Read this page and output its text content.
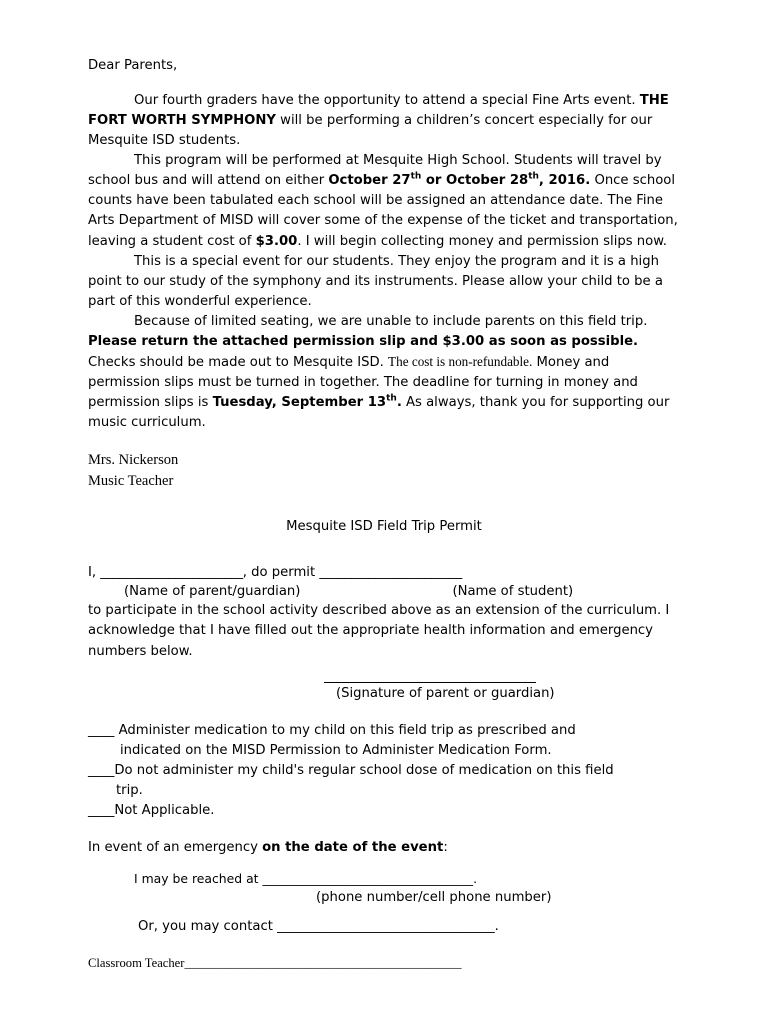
Dear Parents,

Our fourth graders have the opportunity to attend a special Fine Arts event. THE FORT WORTH SYMPHONY will be performing a children’s concert especially for our Mesquite ISD students.

This program will be performed at Mesquite High School. Students will travel by school bus and will attend on either October 27th or October 28th, 2016. Once school counts have been tabulated each school will be assigned an attendance date. The Fine Arts Department of MISD will cover some of the expense of the ticket and transportation, leaving a student cost of $3.00. I will begin collecting money and permission slips now.

This is a special event for our students. They enjoy the program and it is a high point to our study of the symphony and its instruments. Please allow your child to be a part of this wonderful experience.

Because of limited seating, we are unable to include parents on this field trip. Please return the attached permission slip and $3.00 as soon as possible.

Checks should be made out to Mesquite ISD. The cost is non-refundable. Money and permission slips must be turned in together. The deadline for turning in money and permission slips is Tuesday, September 13th. As always, thank you for supporting our music curriculum.

Mrs. Nickerson
Music Teacher

Mesquite ISD Field Trip Permit

I, _______________________, do permit _______________________
(Name of parent/guardian)	(Name of student)

to participate in the school activity described above as an extension of the curriculum. I acknowledge that I have filled out the appropriate health information and emergency numbers below.

(Signature of parent or guardian)
____ Administer medication to my child on this field trip as prescribed and
indicated on the MISD Permission to Administer Medication Form.
____Do not administer my child's regular school dose of medication on this field
trip.
____Not Applicable.
In event of an emergency on the date of the event:
I may be reached at __________________________________.
(phone number/cell phone number)
Or, you may contact _________________________________.
Classroom Teacher____________________________________________
